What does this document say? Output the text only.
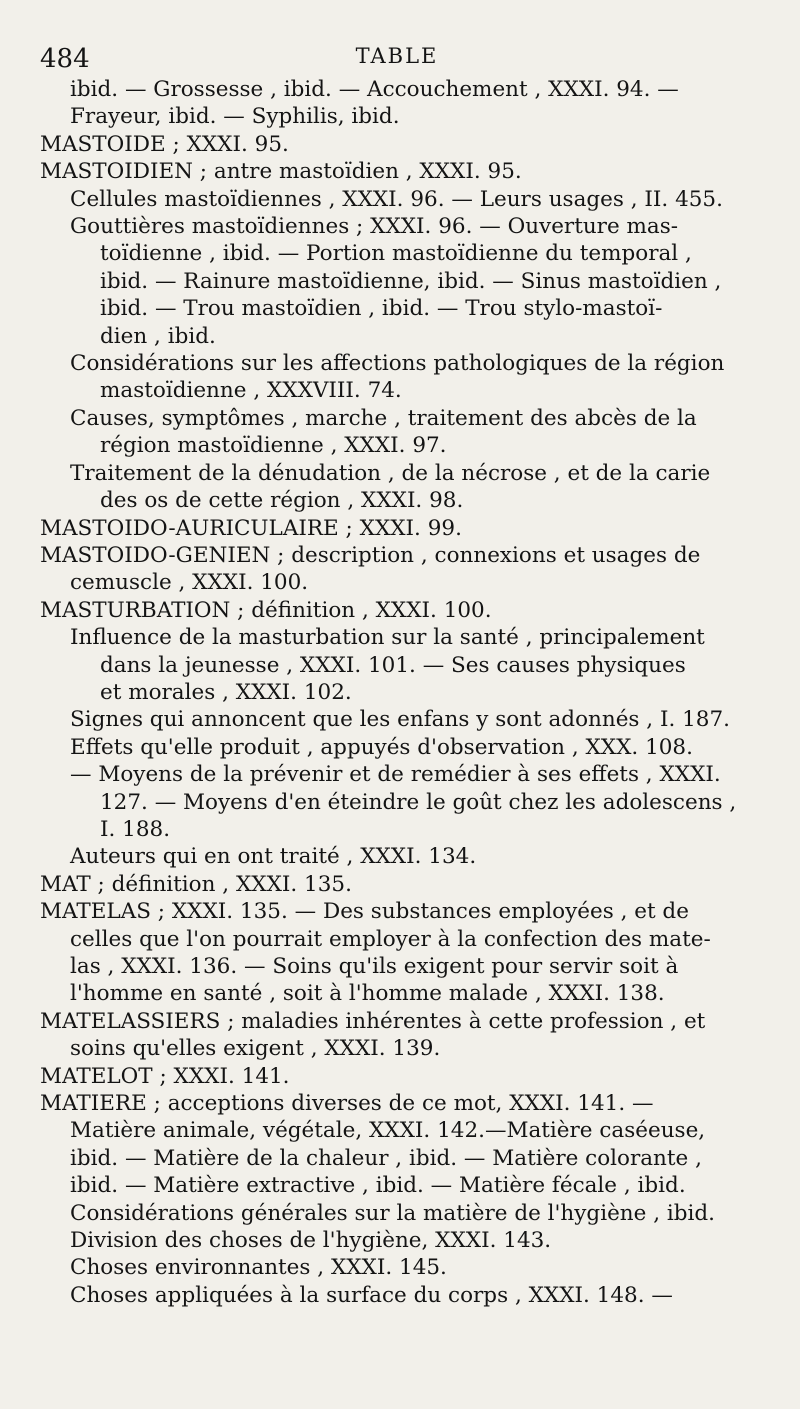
484	TABLE
ibid. — Grossesse , ibid. — Accouchement , XXXI. 94. —
Frayeur, ibid. — Syphilis, ibid.
MASTOIDE ; XXXI. 95.
MASTOIDIEN ; antre mastoïdien , XXXI. 95.
Cellules mastoïdiennes , XXXI. 96. — Leurs usages , II. 455.
Gouttières mastoïdiennes ; XXXI. 96. — Ouverture mas-
toïdienne , ibid. — Portion mastoïdienne du temporal ,
ibid. — Rainure mastoïdienne, ibid. — Sinus mastoïdien ,
ibid. — Trou mastoïdien , ibid. — Trou stylo-mastoï-
dien , ibid.
Considérations sur les affections pathologiques de la région
mastoïdienne , XXXVIII. 74.
Causes, symptômes , marche , traitement des abcès de la
région mastoïdienne , XXXI. 97.
Traitement de la dénudation , de la nécrose , et de la carie
des os de cette région , XXXI. 98.
MASTOIDO-AURICULAIRE ; XXXI. 99.
MASTOIDO-GENIEN ; description , connexions et usages de
cemuscle , XXXI. 100.
MASTURBATION ; définition , XXXI. 100.
Influence de la masturbation sur la santé , principalement
dans la jeunesse , XXXI. 101. — Ses causes physiques
et morales , XXXI. 102.
Signes qui annoncent que les enfans y sont adonnés , I. 187.
Effets qu'elle produit , appuyés d'observation , XXX. 108.
— Moyens de la prévenir et de remédier à ses effets , XXXI.
127. — Moyens d'en éteindre le goût chez les adolescens ,
I. 188.
Auteurs qui en ont traité , XXXI. 134.
MAT ; définition , XXXI. 135.
MATELAS ; XXXI. 135. — Des substances employées , et de
celles que l'on pourrait employer à la confection des mate-
las , XXXI. 136. — Soins qu'ils exigent pour servir soit à
l'homme en santé , soit à l'homme malade , XXXI. 138.
MATELASSIERS ; maladies inhérentes à cette profession , et
soins qu'elles exigent , XXXI. 139.
MATELOT ; XXXI. 141.
MATIERE ; acceptions diverses de ce mot, XXXI. 141. —
Matière animale, végétale, XXXI. 142.—Matière caséeuse,
ibid. — Matière de la chaleur , ibid. — Matière colorante ,
ibid. — Matière extractive , ibid. — Matière fécale , ibid.
Considérations générales sur la matière de l'hygiène , ibid.
Division des choses de l'hygiène, XXXI. 143.
Choses environnantes , XXXI. 145.
Choses appliquées à la surface du corps , XXXI. 148. —
